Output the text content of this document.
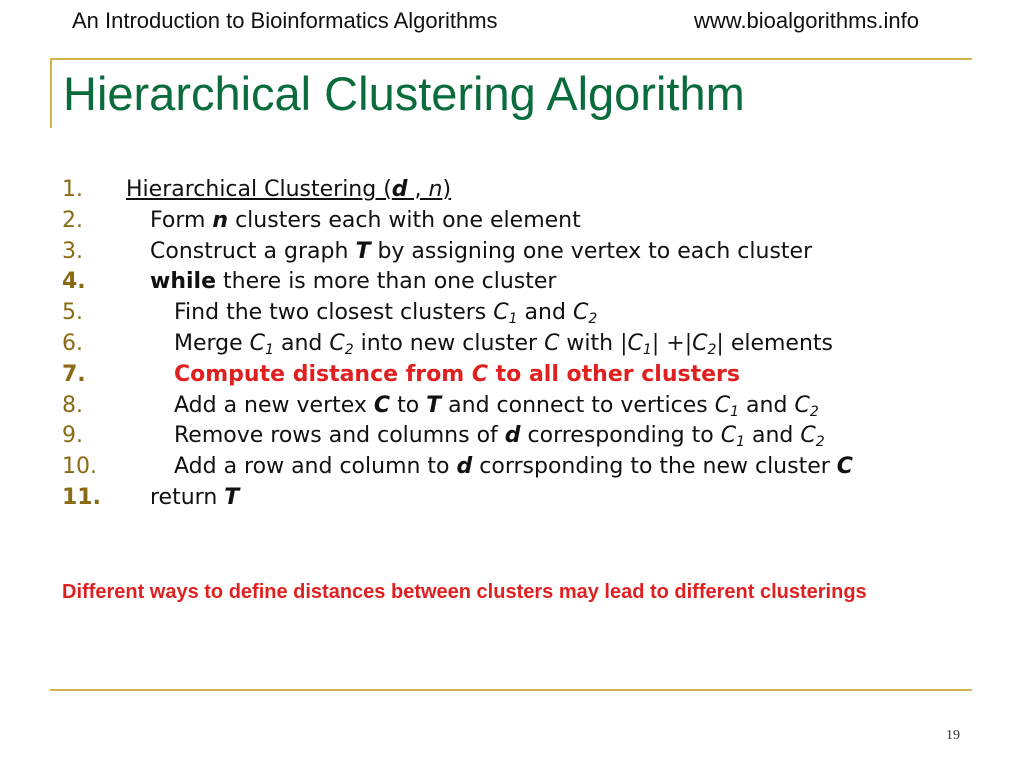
An Introduction to Bioinformatics Algorithms	www.bioalgorithms.info
Hierarchical Clustering Algorithm
1. Hierarchical Clustering (d , n)
2.	Form n clusters each with one element
3.	Construct a graph T by assigning one vertex to each cluster
4.	while there is more than one cluster
5.	Find the two closest clusters $C_1$ and $C_2$
6.	Merge $C_1$ and $C_2$ into new cluster C with $|C_1| +|C_2|$ elements
7.	Compute distance from C to all other clusters
8.	Add a new vertex C to T and connect to vertices $C_1$ and $C_2$
9.	Remove rows and columns of d corresponding to $C_1$ and $C_2$
10.	Add a row and column to d corrsponding to the new cluster C
11. return T
Different ways to define distances between clusters may lead to different clusterings
19
